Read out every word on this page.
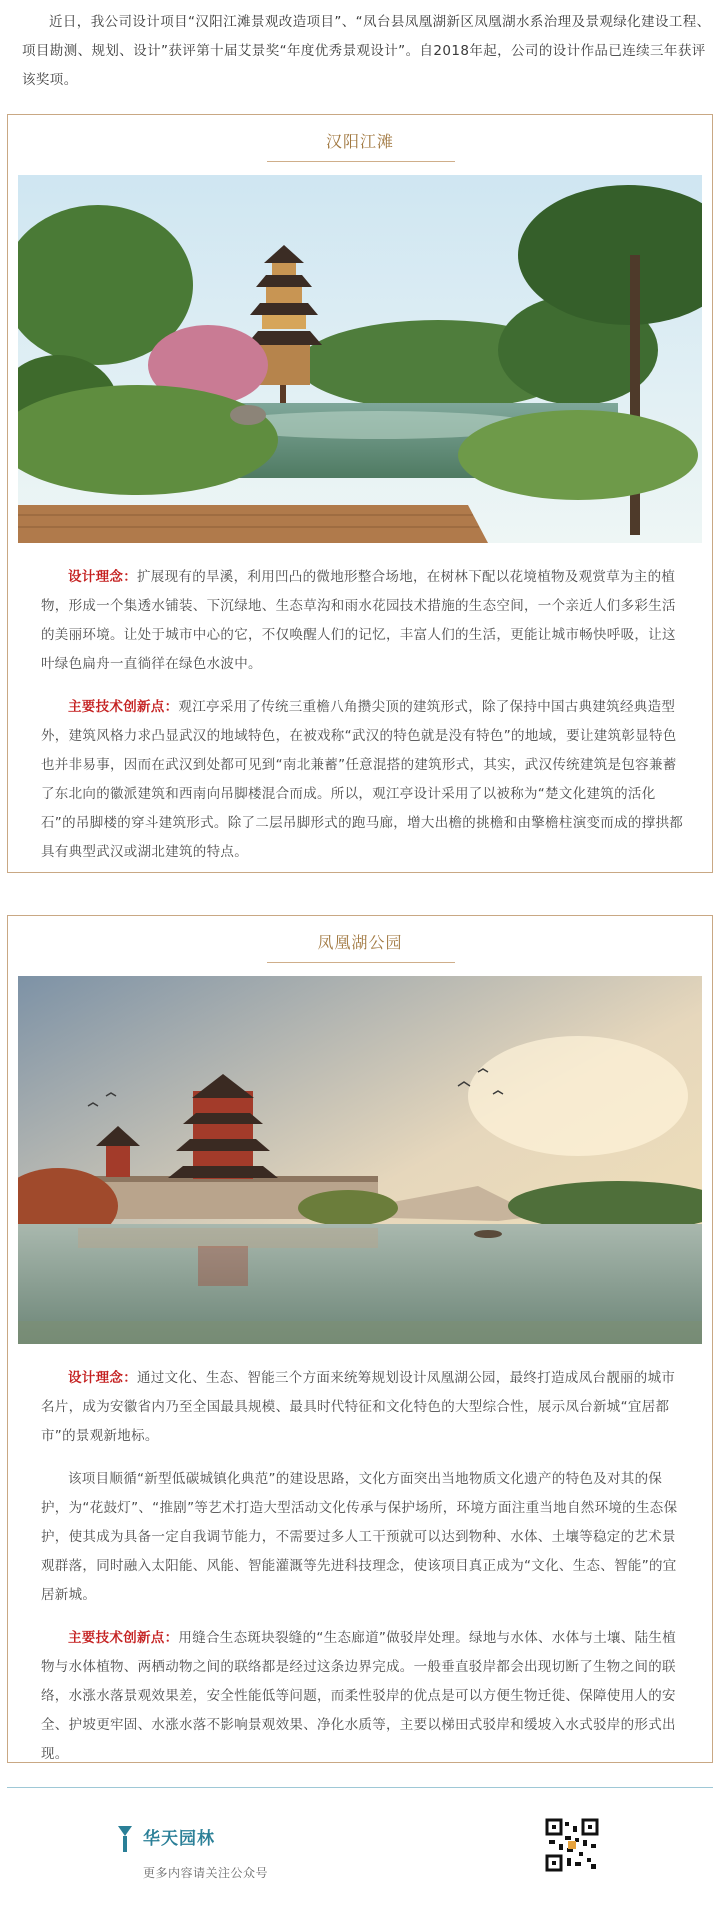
近日，我公司设计项目“汉阳江滩景观改造项目”、“凤台县凤凰湖新区凤凰湖水系治理及景观绿化建设工程、项目勘测、规划、设计”获评第十届艾景奖“年度优秀景观设计”。自2018年起，公司的设计作品已连续三年获评该奖项。

汉阳江滩

设计理念：扩展现有的旱溪，利用凹凸的微地形整合场地，在树林下配以花境植物及观赏草为主的植物，形成一个集透水铺装、下沉绿地、生态草沟和雨水花园技术措施的生态空间，一个亲近人们多彩生活的美丽环境。让处于城市中心的它，不仅唤醒人们的记忆，丰富人们的生活，更能让城市畅快呼吸，让这叶绿色扁舟一直徜徉在绿色水波中。

主要技术创新点：观江亭采用了传统三重檐八角攒尖顶的建筑形式，除了保持中国古典建筑经典造型外，建筑风格力求凸显武汉的地域特色，在被戏称“武汉的特色就是没有特色”的地域，要让建筑彰显特色也并非易事，因而在武汉到处都可见到“南北兼蓄”任意混搭的建筑形式，其实，武汉传统建筑是包容兼蓄了东北向的徽派建筑和西南向吊脚楼混合而成。所以，观江亭设计采用了以被称为“楚文化建筑的活化石”的吊脚楼的穿斗建筑形式。除了二层吊脚形式的跑马廊，增大出檐的挑檐和由擎檐柱演变而成的撑拱都具有典型武汉或湖北建筑的特点。

凤凰湖公园

设计理念：通过文化、生态、智能三个方面来统筹规划设计凤凰湖公园，最终打造成凤台靓丽的城市名片，成为安徽省内乃至全国最具规模、最具时代特征和文化特色的大型综合性，展示凤台新城“宜居都市”的景观新地标。

该项目顺循“新型低碳城镇化典范”的建设思路，文化方面突出当地物质文化遗产的特色及对其的保护，为“花鼓灯”、“推剧”等艺术打造大型活动文化传承与保护场所，环境方面注重当地自然环境的生态保护，使其成为具备一定自我调节能力，不需要过多人工干预就可以达到物种、水体、土壤等稳定的艺术景观群落，同时融入太阳能、风能、智能灌溉等先进科技理念，使该项目真正成为“文化、生态、智能”的宜居新城。

主要技术创新点：用缝合生态斑块裂缝的“生态廊道”做驳岸处理。绿地与水体、水体与土壤、陆生植物与水体植物、两栖动物之间的联络都是经过这条边界完成。一般垂直驳岸都会出现切断了生物之间的联络，水涨水落景观效果差，安全性能低等问题，而柔性驳岸的优点是可以方便生物迁徙、保障使用人的安全、护坡更牢固、水涨水落不影响景观效果、净化水质等，主要以梯田式驳岸和缓坡入水式驳岸的形式出现。

华天园林
更多内容请关注公众号
